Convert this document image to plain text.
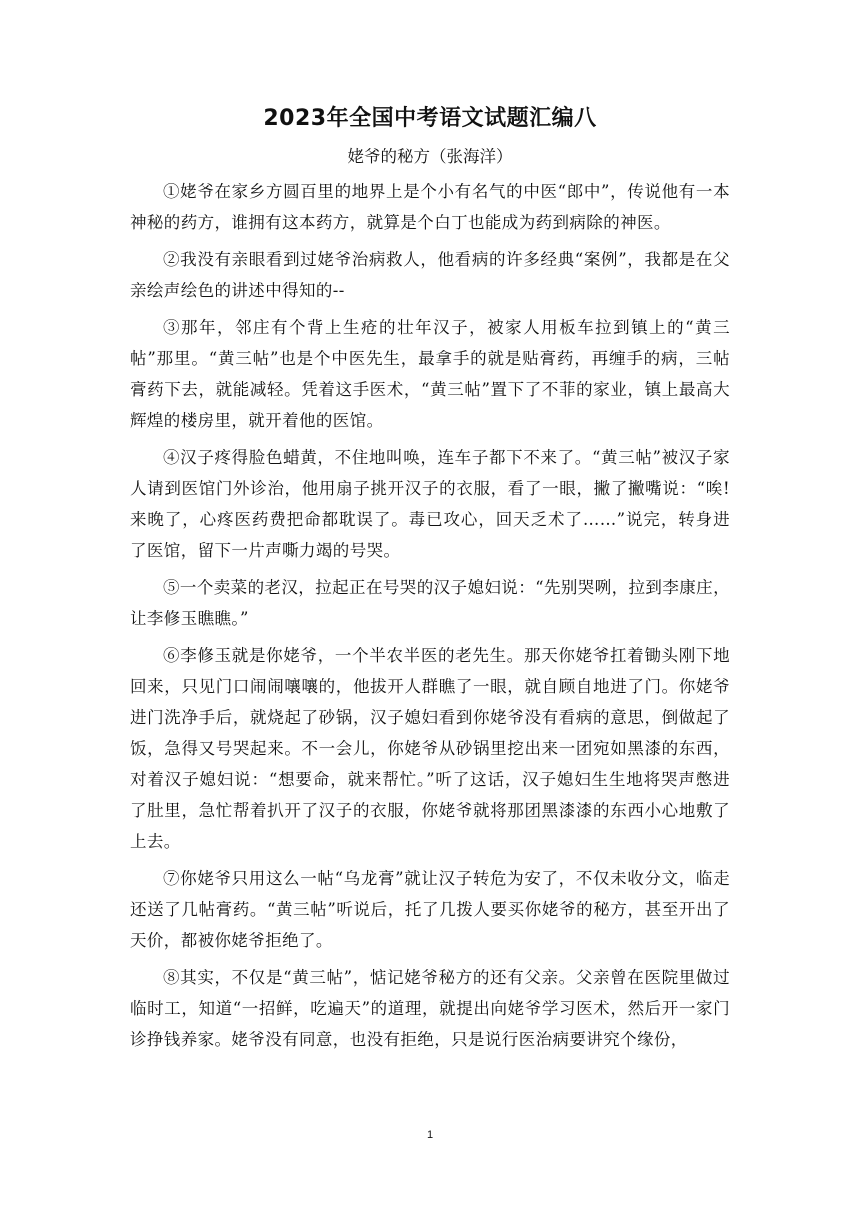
2023年全国中考语文试题汇编八
姥爷的秘方（张海洋）

①姥爷在家乡方圆百里的地界上是个小有名气的中医“郎中”，传说他有一本神秘的药方，谁拥有这本药方，就算是个白丁也能成为药到病除的神医。

②我没有亲眼看到过姥爷治病救人，他看病的许多经典“案例”，我都是在父亲绘声绘色的讲述中得知的--

③那年，邻庄有个背上生疮的壮年汉子，被家人用板车拉到镇上的“黄三帖”那里。“黄三帖”也是个中医先生，最拿手的就是贴膏药，再缠手的病，三帖膏药下去，就能减轻。凭着这手医术，“黄三帖”置下了不菲的家业，镇上最高大辉煌的楼房里，就开着他的医馆。

④汉子疼得脸色蜡黄，不住地叫唤，连车子都下不来了。“黄三帖”被汉子家人请到医馆门外诊治，他用扇子挑开汉子的衣服，看了一眼，撇了撇嘴说：“唉!来晚了，心疼医药费把命都耽误了。毒已攻心，回天乏术了……”说完，转身进了医馆，留下一片声嘶力竭的号哭。

⑤一个卖菜的老汉，拉起正在号哭的汉子媳妇说：“先别哭咧，拉到李康庄，让李修玉瞧瞧。”

⑥李修玉就是你姥爷，一个半农半医的老先生。那天你姥爷扛着锄头刚下地回来，只见门口闹闹嚷嚷的，他拔开人群瞧了一眼，就自顾自地进了门。你姥爷进门洗净手后，就烧起了砂锅，汉子媳妇看到你姥爷没有看病的意思，倒做起了饭，急得又号哭起来。不一会儿，你姥爷从砂锅里挖出来一团宛如黑漆的东西，对着汉子媳妇说：“想要命，就来帮忙。”听了这话，汉子媳妇生生地将哭声憋进了肚里，急忙帮着扒开了汉子的衣服，你姥爷就将那团黑漆漆的东西小心地敷了上去。

⑦你姥爷只用这么一帖“乌龙膏”就让汉子转危为安了，不仅未收分文，临走还送了几帖膏药。“黄三帖”听说后，托了几拨人要买你姥爷的秘方，甚至开出了天价，都被你姥爷拒绝了。

⑧其实，不仅是“黄三帖”，惦记姥爷秘方的还有父亲。父亲曾在医院里做过临时工，知道“一招鲜，吃遍天”的道理，就提出向姥爷学习医术，然后开一家门诊挣钱养家。姥爷没有同意，也没有拒绝，只是说行医治病要讲究个缘份，

1
